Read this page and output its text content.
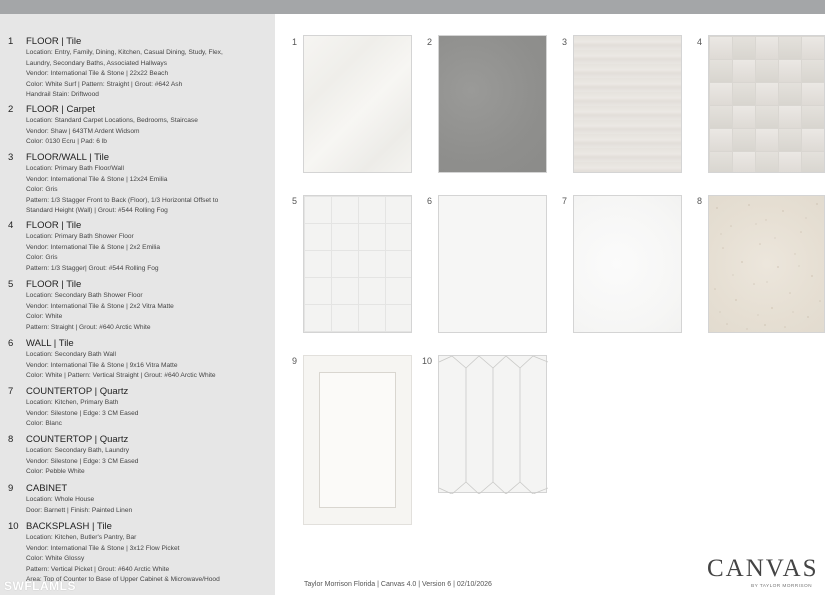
1	FLOOR | Tile
Location: Entry, Family, Dining, Kitchen, Casual Dining, Study, Flex,
Laundry, Secondary Baths, Associated Hallways
Vendor: International Tile & Stone | 22x22 Beach
Color: White Surf | Pattern: Straight | Grout: #642 Ash
Handrail Stain: Driftwood
2	FLOOR | Carpet
Location: Standard Carpet Locations, Bedrooms, Staircase
Vendor: Shaw | 643TM Ardent Widsom
Color: 0130 Ecru | Pad: 6 lb
3	FLOOR/WALL | Tile
Location: Primary Bath Floor/Wall
Vendor: International Tile & Stone | 12x24 Emilia
Color: Gris
Pattern: 1/3 Stagger Front to Back (Floor), 1/3 Horizontal Offset to
Standard Height (Wall) | Grout: #544 Rolling Fog
4	FLOOR | Tile
Location: Primary Bath Shower Floor
Vendor: International Tile & Stone | 2x2 Emilia
Color: Gris
Pattern: 1/3 Stagger| Grout: #544 Rolling Fog
5	FLOOR | Tile
Location: Secondary Bath Shower Floor
Vendor: International Tile & Stone | 2x2 Vitra Matte
Color: White
Pattern: Straight | Grout: #640 Arctic White
6	WALL | Tile
Location: Secondary Bath Wall
Vendor: International Tile & Stone | 9x16 Vitra Matte
Color: White | Pattern: Vertical Straight | Grout: #640 Arctic White
7	COUNTERTOP | Quartz
Location: Kitchen, Primary Bath
Vendor: Silestone | Edge: 3 CM Eased
Color: Blanc
8	COUNTERTOP | Quartz
Location: Secondary Bath, Laundry
Vendor: Silestone | Edge: 3 CM Eased
Color: Pebble White
9	CABINET
Location: Whole House
Door: Barnett | Finish: Painted Linen
10 BACKSPLASH | Tile
Location: Kitchen, Butler's Pantry, Bar
Vendor: International Tile & Stone | 3x12 Flow Picket
Color: White Glossy
Pattern: Vertical Picket | Grout: #640 Arctic White
Area: Top of Counter to Base of Upper Cabinet & Microwave/Hood
SWFLAMLS
1	2	3	4
5	6	7	8
9	10
Taylor Morrison Florida | Canvas 4.0 | Version 6 | 02/10/2026
CANVAS
BY TAYLOR MORRISON
